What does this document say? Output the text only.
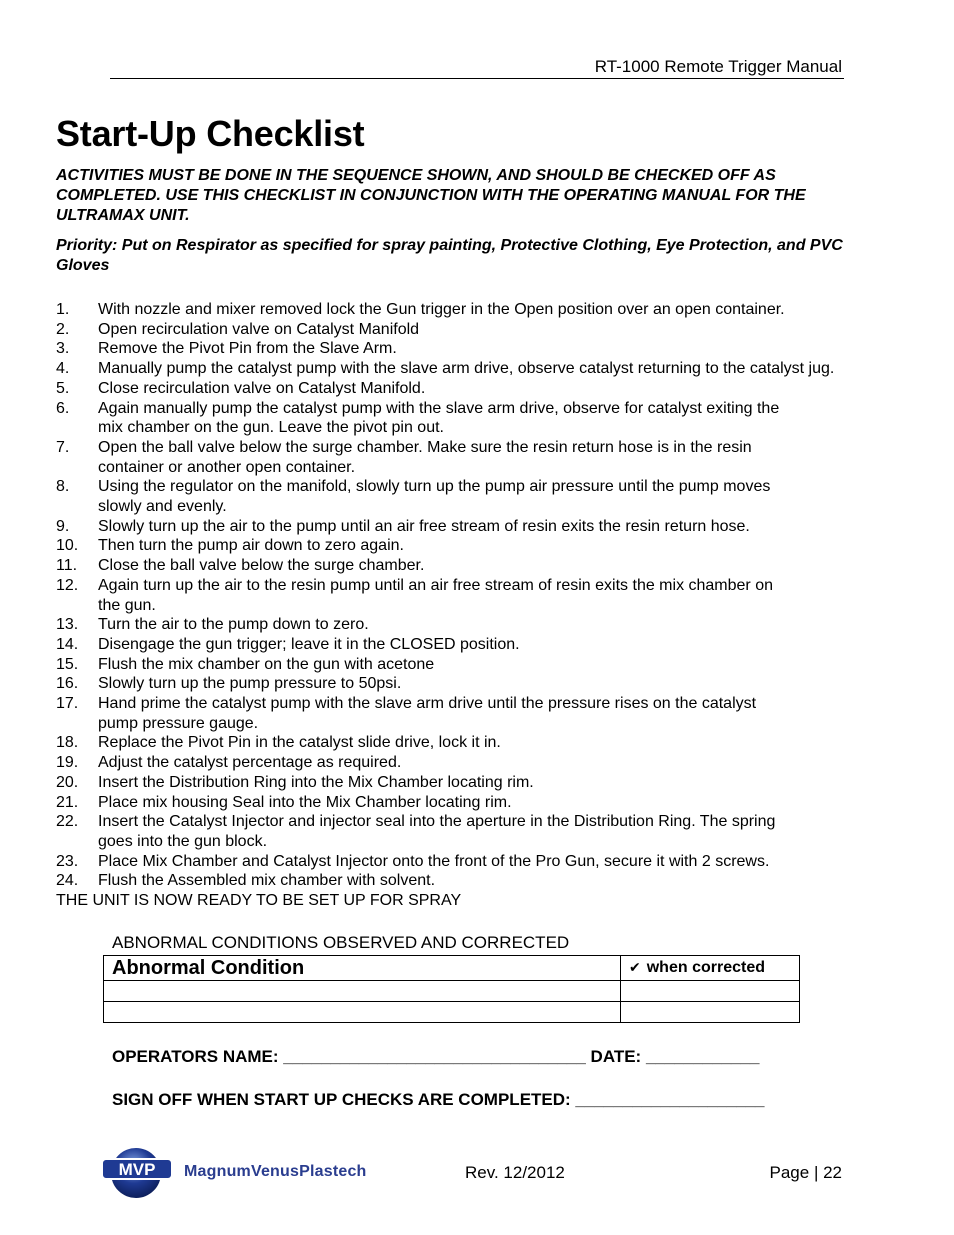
RT-1000 Remote Trigger Manual
Start-Up Checklist

ACTIVITIES MUST BE DONE IN THE SEQUENCE SHOWN, AND SHOULD BE CHECKED OFF AS COMPLETED. USE THIS CHECKLIST IN CONJUNCTION WITH THE OPERATING MANUAL FOR THE ULTRAMAX UNIT.

Priority: Put on Respirator as specified for spray painting, Protective Clothing, Eye Protection, and PVC Gloves

1.	With nozzle and mixer removed lock the Gun trigger in the Open position over an open container.
2.	Open recirculation valve on Catalyst Manifold
3.	Remove the Pivot Pin from the Slave Arm.
4.	Manually pump the catalyst pump with the slave arm drive, observe catalyst returning to the catalyst jug.
5.	Close recirculation valve on Catalyst Manifold.
6.	Again manually pump the catalyst pump with the slave arm drive, observe for catalyst exiting the
mix chamber on the gun. Leave the pivot pin out.
7.	Open the ball valve below the surge chamber. Make sure the resin return hose is in the resin
container or another open container.
8.	Using the regulator on the manifold, slowly turn up the pump air pressure until the pump moves
slowly and evenly.
9.	Slowly turn up the air to the pump until an air free stream of resin exits the resin return hose.
10.	Then turn the pump air down to zero again.
11.	Close the ball valve below the surge chamber.
12.	Again turn up the air to the resin pump until an air free stream of resin exits the mix chamber on
the gun.
13.	Turn the air to the pump down to zero.
14.	Disengage the gun trigger; leave it in the CLOSED position.
15.	Flush the mix chamber on the gun with acetone
16.	Slowly turn up the pump pressure to 50psi.
17.	Hand prime the catalyst pump with the slave arm drive until the pressure rises on the catalyst
pump pressure gauge.
18.	Replace the Pivot Pin in the catalyst slide drive, lock it in.
19.	Adjust the catalyst percentage as required.
20.	Insert the Distribution Ring into the Mix Chamber locating rim.
21.	Place mix housing Seal into the Mix Chamber locating rim.
22.	Insert the Catalyst Injector and injector seal into the aperture in the Distribution Ring. The spring
goes into the gun block.
23.	Place Mix Chamber and Catalyst Injector onto the front of the Pro Gun, secure it with 2 screws.
24.	Flush the Assembled mix chamber with solvent.
THE UNIT IS NOW READY TO BE SET UP FOR SPRAY
ABNORMAL CONDITIONS OBSERVED AND CORRECTED
Abnormal Condition	✔ when corrected

OPERATORS NAME: ________________________________ DATE: ____________
SIGN OFF WHEN START UP CHECKS ARE COMPLETED: ____________________
MVP MagnumVenusPlastech	Rev. 12/2012	Page | 22
